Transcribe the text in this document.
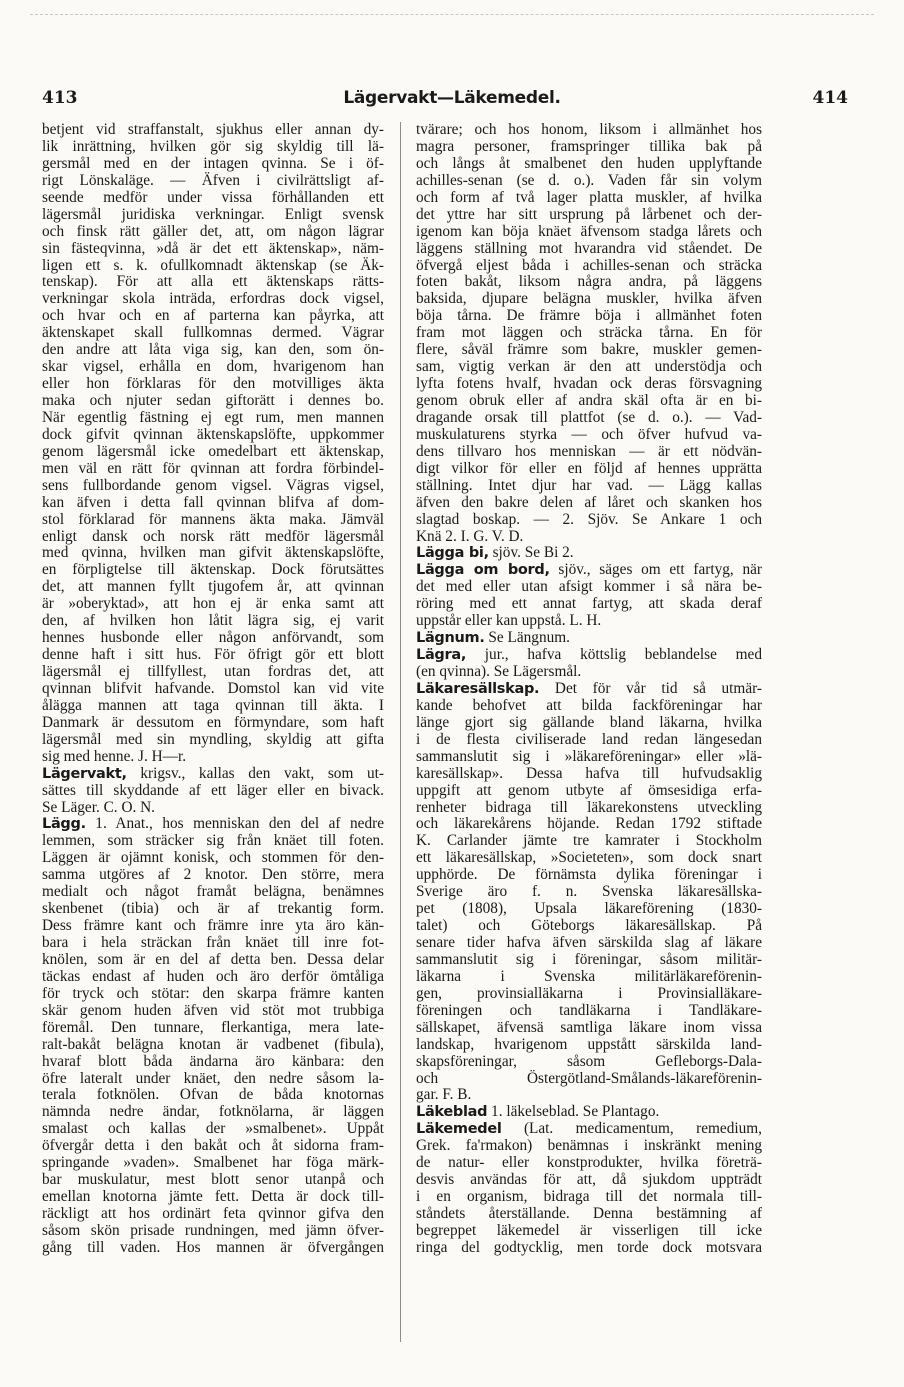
413	Lägervakt—Läkemedel.	414
betjent vid straffanstalt, sjukhus eller annan dy-
lik inrättning, hvilken gör sig skyldig till lä-
gersmål med en der intagen qvinna. Se i öf-
rigt Lönskaläge. — Äfven i civilrättsligt af-
seende medför under vissa förhållanden ett
lägersmål juridiska verkningar. Enligt svensk
och finsk rätt gäller det, att, om någon lägrar
sin fästeqvinna, »då är det ett äktenskap», näm-
ligen ett s. k. ofullkomnadt äktenskap (se Äk-
tenskap). För att alla ett äktenskaps rätts-
verkningar skola inträda, erfordras dock vigsel,
och hvar och en af parterna kan påyrka, att
äktenskapet skall fullkomnas dermed. Vägrar
den andre att låta viga sig, kan den, som ön-
skar vigsel, erhålla en dom, hvarigenom han
eller hon förklaras för den motvilliges äkta
maka och njuter sedan giftorätt i dennes bo.
När egentlig fästning ej egt rum, men mannen
dock gifvit qvinnan äktenskapslöfte, uppkommer
genom lägersmål icke omedelbart ett äktenskap,
men väl en rätt för qvinnan att fordra förbindel-
sens fullbordande genom vigsel. Vägras vigsel,
kan äfven i detta fall qvinnan blifva af dom-
stol förklarad för mannens äkta maka. Jämväl
enligt dansk och norsk rätt medför lägersmål
med qvinna, hvilken man gifvit äktenskapslöfte,
en förpligtelse till äktenskap. Dock förutsättes
det, att mannen fyllt tjugofem år, att qvinnan
är »oberyktad», att hon ej är enka samt att
den, af hvilken hon låtit lägra sig, ej varit
hennes husbonde eller någon anförvandt, som
denne haft i sitt hus. För öfrigt gör ett blott
lägersmål ej tillfyllest, utan fordras det, att
qvinnan blifvit hafvande. Domstol kan vid vite
ålägga mannen att taga qvinnan till äkta. I
Danmark är dessutom en förmyndare, som haft
lägersmål med sin myndling, skyldig att gifta
sig med henne. J. H—r.
Lägervakt, krigsv., kallas den vakt, som ut-
sättes till skyddande af ett läger eller en bivack.
Se Läger. C. O. N.
Lägg. 1. Anat., hos menniskan den del af nedre
lemmen, som sträcker sig från knäet till foten.
Läggen är ojämnt konisk, och stommen för den-
samma utgöres af 2 knotor. Den större, mera
medialt och något framåt belägna, benämnes
skenbenet (tibia) och är af trekantig form.
Dess främre kant och främre inre yta äro kän-
bara i hela sträckan från knäet till inre fot-
knölen, som är en del af detta ben. Dessa delar
täckas endast af huden och äro derför ömtåliga
för tryck och stötar: den skarpa främre kanten
skär genom huden äfven vid stöt mot trubbiga
föremål. Den tunnare, flerkantiga, mera late-
ralt-bakåt belägna knotan är vadbenet (fibula),
hvaraf blott båda ändarna äro känbara: den
öfre lateralt under knäet, den nedre såsom la-
terala fotknölen. Ofvan de båda knotornas
nämnda nedre ändar, fotknölarna, är läggen
smalast och kallas der »smalbenet». Uppåt
öfvergår detta i den bakåt och åt sidorna fram-
springande »vaden». Smalbenet har föga märk-
bar muskulatur, mest blott senor utanpå och
emellan knotorna jämte fett. Detta är dock till-
räckligt att hos ordinärt feta qvinnor gifva den
såsom skön prisade rundningen, med jämn öfver-
gång till vaden. Hos mannen är öfvergången
tvärare; och hos honom, liksom i allmänhet hos
magra personer, framspringer tillika bak på
och långs åt smalbenet den huden upplyftande
achilles-senan (se d. o.). Vaden får sin volym
och form af två lager platta muskler, af hvilka
det yttre har sitt ursprung på lårbenet och der-
igenom kan böja knäet äfvensom stadga lårets och
läggens ställning mot hvarandra vid ståendet. De
öfvergå eljest båda i achilles-senan och sträcka
foten bakåt, liksom några andra, på läggens
baksida, djupare belägna muskler, hvilka äfven
böja tårna. De främre böja i allmänhet foten
fram mot läggen och sträcka tårna. En för
flere, såväl främre som bakre, muskler gemen-
sam, vigtig verkan är den att understödja och
lyfta fotens hvalf, hvadan ock deras försvagning
genom obruk eller af andra skäl ofta är en bi-
dragande orsak till plattfot (se d. o.). — Vad-
muskulaturens styrka — och öfver hufvud va-
dens tillvaro hos menniskan — är ett nödvän-
digt vilkor för eller en följd af hennes upprätta
ställning. Intet djur har vad. — Lägg kallas
äfven den bakre delen af låret och skanken hos
slagtad boskap. — 2. Sjöv. Se Ankare 1 och
Knä 2. I. G. V. D.
Lägga bi, sjöv. Se Bi 2.
Lägga om bord, sjöv., säges om ett fartyg, när
det med eller utan afsigt kommer i så nära be-
röring med ett annat fartyg, att skada deraf
uppstår eller kan uppstå. L. H.
Lägnum. Se Längnum.
Lägra, jur., hafva köttslig beblandelse med
(en qvinna). Se Lägersmål.
Läkaresällskap. Det för vår tid så utmär-
kande behofvet att bilda fackföreningar har
länge gjort sig gällande bland läkarna, hvilka
i de flesta civiliserade land redan längesedan
sammanslutit sig i »läkareföreningar» eller »lä-
karesällskap». Dessa hafva till hufvudsaklig
uppgift att genom utbyte af ömsesidiga erfa-
renheter bidraga till läkarekonstens utveckling
och läkarekårens höjande. Redan 1792 stiftade
K. Carlander jämte tre kamrater i Stockholm
ett läkaresällskap, »Societeten», som dock snart
upphörde. De förnämsta dylika föreningar i
Sverige äro f. n. Svenska läkaresällska-
pet (1808), Upsala läkareförening (1830-
talet) och Göteborgs läkaresällskap. På
senare tider hafva äfven särskilda slag af läkare
sammanslutit sig i föreningar, såsom militär-
läkarna i Svenska militärläkareförenin-
gen, provinsialläkarna i Provinsialläkare-
föreningen och tandläkarna i Tandläkare-
sällskapet, äfvensä samtliga läkare inom vissa
landskap, hvarigenom uppstått särskilda land-
skapsföreningar, såsom Gefleborgs-Dala-
och Östergötland-Smålands-läkareförenin-
gar. F. B.
Läkeblad 1. läkelseblad. Se Plantago.
Läkemedel (Lat. medicamentum, remedium,
Grek. fa'rmakon) benämnas i inskränkt mening
de natur- eller konstprodukter, hvilka företrä-
desvis användas för att, då sjukdom uppträdt
i en organism, bidraga till det normala till-
ståndets återställande. Denna bestämning af
begreppet läkemedel är visserligen till icke
ringa del godtycklig, men torde dock motsvara
